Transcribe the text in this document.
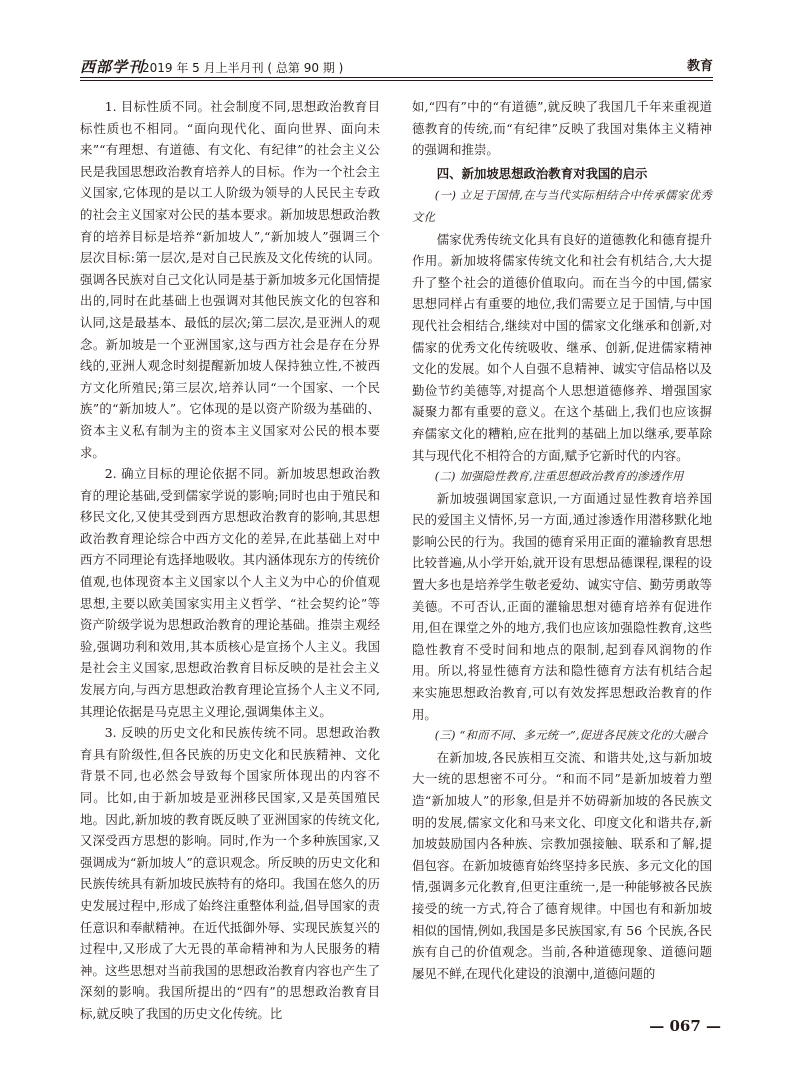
西部学刊
2019 年 5 月上半月刊 ( 总第 90 期 )	教育

1. 目标性质不同。社会制度不同,思想政治教育目标性质也不相同。“面向现代化、面向世界、面向未来”“有理想、有道德、有文化、有纪律”的社会主义公民是我国思想政治教育培养人的目标。作为一个社会主义国家,它体现的是以工人阶级为领导的人民民主专政的社会主义国家对公民的基本要求。新加坡思想政治教育的培养目标是培养“新加坡人”,“新加坡人”强调三个层次目标:第一层次,是对自己民族及文化传统的认同。强调各民族对自己文化认同是基于新加坡多元化国情提出的,同时在此基础上也强调对其他民族文化的包容和认同,这是最基本、最低的层次;第二层次,是亚洲人的观念。新加坡是一个亚洲国家,这与西方社会是存在分界线的,亚洲人观念时刻提醒新加坡人保持独立性,不被西方文化所殖民;第三层次,培养认同“一个国家、一个民族”的“新加坡人”。它体现的是以资产阶级为基础的、资本主义私有制为主的资本主义国家对公民的根本要求。

2. 确立目标的理论依据不同。新加坡思想政治教育的理论基础,受到儒家学说的影响;同时也由于殖民和移民文化,又使其受到西方思想政治教育的影响,其思想政治教育理论综合中西方文化的差异,在此基础上对中西方不同理论有选择地吸收。其内涵体现东方的传统价值观,也体现资本主义国家以个人主义为中心的价值观思想,主要以欧美国家实用主义哲学、“社会契约论”等资产阶级学说为思想政治教育的理论基础。推崇主观经验,强调功利和效用,其本质核心是宣扬个人主义。我国是社会主义国家,思想政治教育目标反映的是社会主义发展方向,与西方思想政治教育理论宣扬个人主义不同,其理论依据是马克思主义理论,强调集体主义。

3. 反映的历史文化和民族传统不同。思想政治教育具有阶级性,但各民族的历史文化和民族精神、文化背景不同,也必然会导致每个国家所体现出的内容不同。比如,由于新加坡是亚洲移民国家,又是英国殖民地。因此,新加坡的教育既反映了亚洲国家的传统文化,又深受西方思想的影响。同时,作为一个多种族国家,又强调成为“新加坡人”的意识观念。所反映的历史文化和民族传统具有新加坡民族特有的烙印。我国在悠久的历史发展过程中,形成了始终注重整体利益,倡导国家的责任意识和奉献精神。在近代抵御外辱、实现民族复兴的过程中,又形成了大无畏的革命精神和为人民服务的精神。这些思想对当前我国的思想政治教育内容也产生了深刻的影响。我国所提出的“四有”的思想政治教育目标,就反映了我国的历史文化传统。比

如,“四有”中的“有道德”,就反映了我国几千年来重视道德教育的传统,而“有纪律”反映了我国对集体主义精神的强调和推崇。

四、新加坡思想政治教育对我国的启示
(一) 立足于国情,在与当代实际相结合中传承儒家优秀文化

儒家优秀传统文化具有良好的道德教化和德育提升作用。新加坡将儒家传统文化和社会有机结合,大大提升了整个社会的道德价值取向。而在当今的中国,儒家思想同样占有重要的地位,我们需要立足于国情,与中国现代社会相结合,继续对中国的儒家文化继承和创新,对儒家的优秀文化传统吸收、继承、创新,促进儒家精神文化的发展。如个人自强不息精神、诚实守信品格以及勤俭节约美德等,对提高个人思想道德修养、增强国家凝聚力都有重要的意义。在这个基础上,我们也应该摒弃儒家文化的糟粕,应在批判的基础上加以继承,要革除其与现代化不相符合的方面,赋予它新时代的内容。

(二) 加强隐性教育,注重思想政治教育的渗透作用

新加坡强调国家意识,一方面通过显性教育培养国民的爱国主义情怀,另一方面,通过渗透作用潜移默化地影响公民的行为。我国的德育采用正面的灌输教育思想比较普遍,从小学开始,就开设有思想品德课程,课程的设置大多也是培养学生敬老爱幼、诚实守信、勤劳勇敢等美德。不可否认,正面的灌输思想对德育培养有促进作用,但在课堂之外的地方,我们也应该加强隐性教育,这些隐性教育不受时间和地点的限制,起到春风润物的作用。所以,将显性德育方法和隐性德育方法有机结合起来实施思想政治教育,可以有效发挥思想政治教育的作用。

(三) “和而不同、多元统一”,促进各民族文化的大融合

在新加坡,各民族相互交流、和谐共处,这与新加坡大一统的思想密不可分。“和而不同”是新加坡着力塑造“新加坡人”的形象,但是并不妨碍新加坡的各民族文明的发展,儒家文化和马来文化、印度文化和谐共存,新加坡鼓励国内各种族、宗教加强接触、联系和了解,提倡包容。在新加坡德育始终坚持多民族、多元文化的国情,强调多元化教育,但更注重统一,是一种能够被各民族接受的统一方式,符合了德育规律。中国也有和新加坡相似的国情,例如,我国是多民族国家,有 56 个民族,各民族有自己的价值观念。当前,各种道德现象、道德问题屡见不鲜,在现代化建设的浪潮中,道德问题的

— 067 —
